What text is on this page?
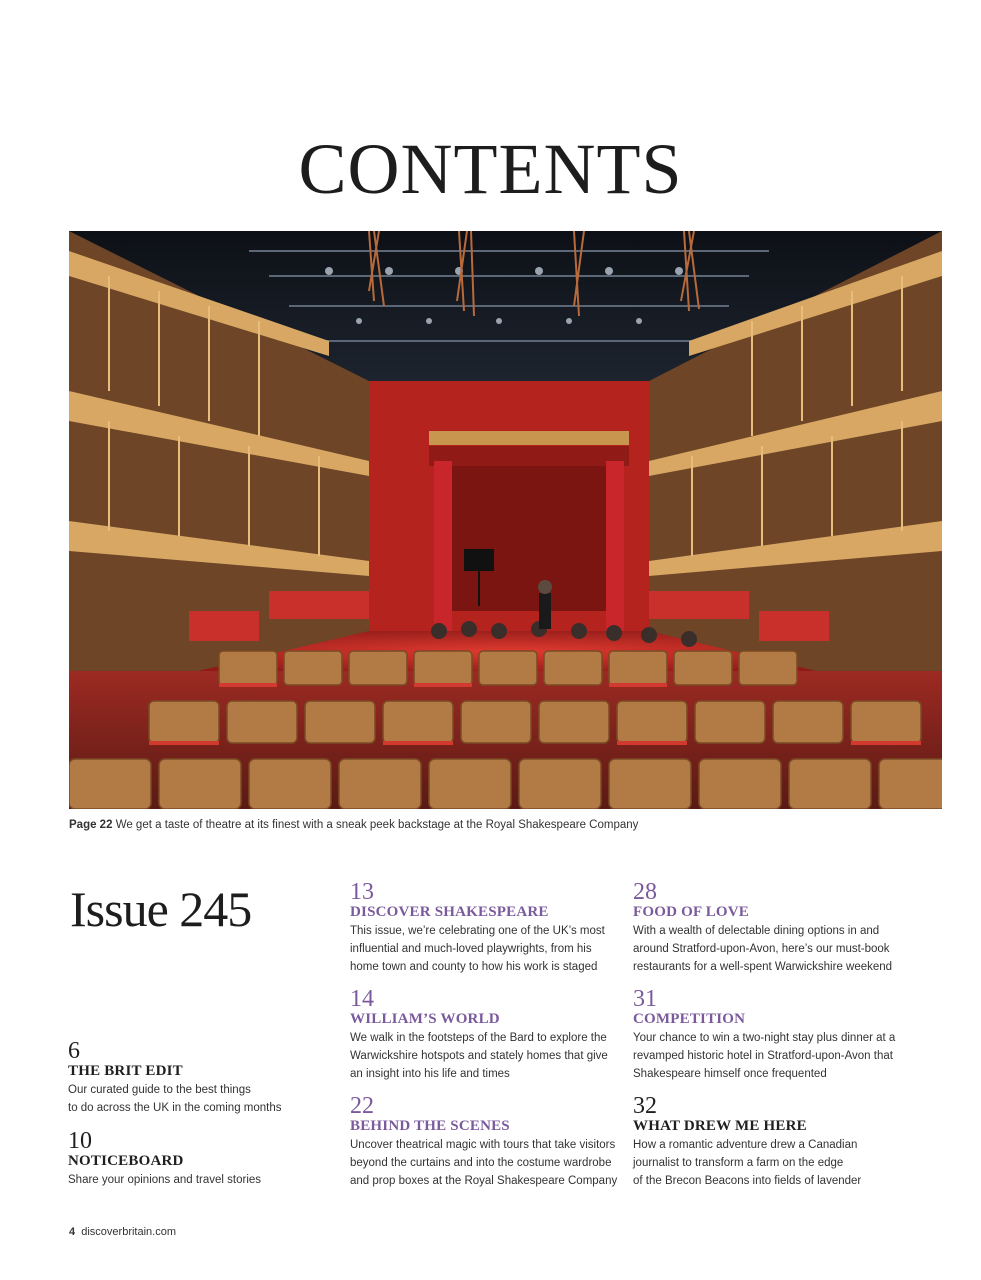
CONTENTS
Page 22 We get a taste of theatre at its finest with a sneak peek backstage at the Royal Shakespeare Company
Issue 245
6
THE BRIT EDIT
Our curated guide to the best things
to do across the UK in the coming months
10
NOTICEBOARD
Share your opinions and travel stories
13
DISCOVER SHAKESPEARE
This issue, we’re celebrating one of the UK’s most
influential and much-loved playwrights, from his
home town and county to how his work is staged
14
WILLIAM’S WORLD
We walk in the footsteps of the Bard to explore the
Warwickshire hotspots and stately homes that give
an insight into his life and times
22
BEHIND THE SCENES
Uncover theatrical magic with tours that take visitors
beyond the curtains and into the costume wardrobe
and prop boxes at the Royal Shakespeare Company
28
FOOD OF LOVE
With a wealth of delectable dining options in and
around Stratford-upon-Avon, here’s our must-book
restaurants for a well-spent Warwickshire weekend
31
COMPETITION
Your chance to win a two-night stay plus dinner at a
revamped historic hotel in Stratford-upon-Avon that
Shakespeare himself once frequented
32
WHAT DREW ME HERE
How a romantic adventure drew a Canadian
journalist to transform a farm on the edge
of the Brecon Beacons into fields of lavender
4 discoverbritain.com
